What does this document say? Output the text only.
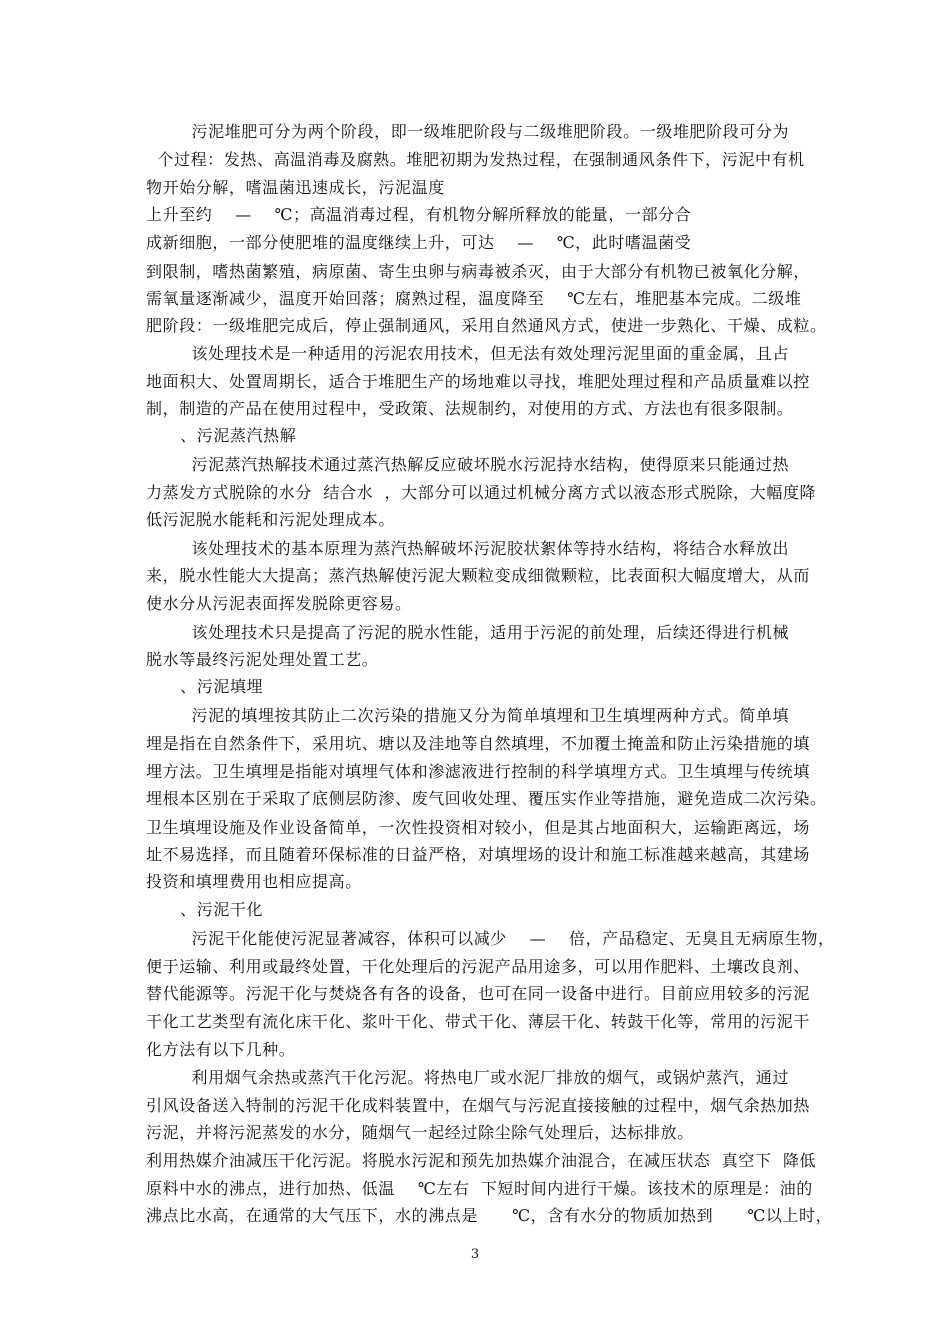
污泥堆肥可分为两个阶段，即一级堆肥阶段与二级堆肥阶段。一级堆肥阶段可分为
个过程：发热、高温消毒及腐熟。堆肥初期为发热过程，在强制通风条件下，污泥中有机
物开始分解，嗜温菌迅速成长，污泥温度
上升至约    —    ℃；高温消毒过程，有机物分解所释放的能量，一部分合
成新细胞，一部分使肥堆的温度继续上升，可达    —    ℃，此时嗜温菌受
到限制，嗜热菌繁殖，病原菌、寄生虫卵与病毒被杀灭，由于大部分有机物已被氧化分解，
需氧量逐渐减少，温度开始回落；腐熟过程，温度降至    ℃左右，堆肥基本完成。二级堆
肥阶段：一级堆肥完成后，停止强制通风，采用自然通风方式，使进一步熟化、干燥、成粒。
该处理技术是一种适用的污泥农用技术，但无法有效处理污泥里面的重金属，且占
地面积大、处置周期长，适合于堆肥生产的场地难以寻找，堆肥处理过程和产品质量难以控
制，制造的产品在使用过程中，受政策、法规制约，对使用的方式、方法也有很多限制。
、污泥蒸汽热解
污泥蒸汽热解技术通过蒸汽热解反应破坏脱水污泥持水结构，使得原来只能通过热
力蒸发方式脱除的水分  结合水  ，大部分可以通过机械分离方式以液态形式脱除，大幅度降
低污泥脱水能耗和污泥处理成本。
该处理技术的基本原理为蒸汽热解破坏污泥胶状絮体等持水结构，将结合水释放出
来，脱水性能大大提高；蒸汽热解使污泥大颗粒变成细微颗粒，比表面积大幅度增大，从而
使水分从污泥表面挥发脱除更容易。
该处理技术只是提高了污泥的脱水性能，适用于污泥的前处理，后续还得进行机械
脱水等最终污泥处理处置工艺。
、污泥填埋
污泥的填埋按其防止二次污染的措施又分为简单填埋和卫生填埋两种方式。简单填
埋是指在自然条件下，采用坑、塘以及洼地等自然填埋，不加覆土掩盖和防止污染措施的填
埋方法。卫生填埋是指能对填埋气体和渗滤液进行控制的科学填埋方式。卫生填埋与传统填
埋根本区别在于采取了底侧层防渗、废气回收处理、覆压实作业等措施，避免造成二次污染。
卫生填埋设施及作业设备简单，一次性投资相对较小，但是其占地面积大，运输距离远，场
址不易选择，而且随着环保标准的日益严格，对填埋场的设计和施工标准越来越高，其建场
投资和填埋费用也相应提高。
、污泥干化
污泥干化能使污泥显著减容，体积可以减少    —    倍，产品稳定、无臭且无病原生物，
便于运输、利用或最终处置，干化处理后的污泥产品用途多，可以用作肥料、土壤改良剂、
替代能源等。污泥干化与焚烧各有各的设备，也可在同一设备中进行。目前应用较多的污泥
干化工艺类型有流化床干化、浆叶干化、带式干化、薄层干化、转鼓干化等，常用的污泥干
化方法有以下几种。
利用烟气余热或蒸汽干化污泥。将热电厂或水泥厂排放的烟气，或锅炉蒸汽，通过
引风设备送入特制的污泥干化成料装置中，在烟气与污泥直接接触的过程中，烟气余热加热
污泥，并将污泥蒸发的水分，随烟气一起经过除尘除气处理后，达标排放。
利用热媒介油减压干化污泥。将脱水污泥和预先加热媒介油混合，在减压状态  真空下  降低
原料中水的沸点，进行加热、低温    ℃左右  下短时间内进行干燥。该技术的原理是：油的
沸点比水高，在通常的大气压下，水的沸点是      ℃，含有水分的物质加热到      ℃以上时，
3
